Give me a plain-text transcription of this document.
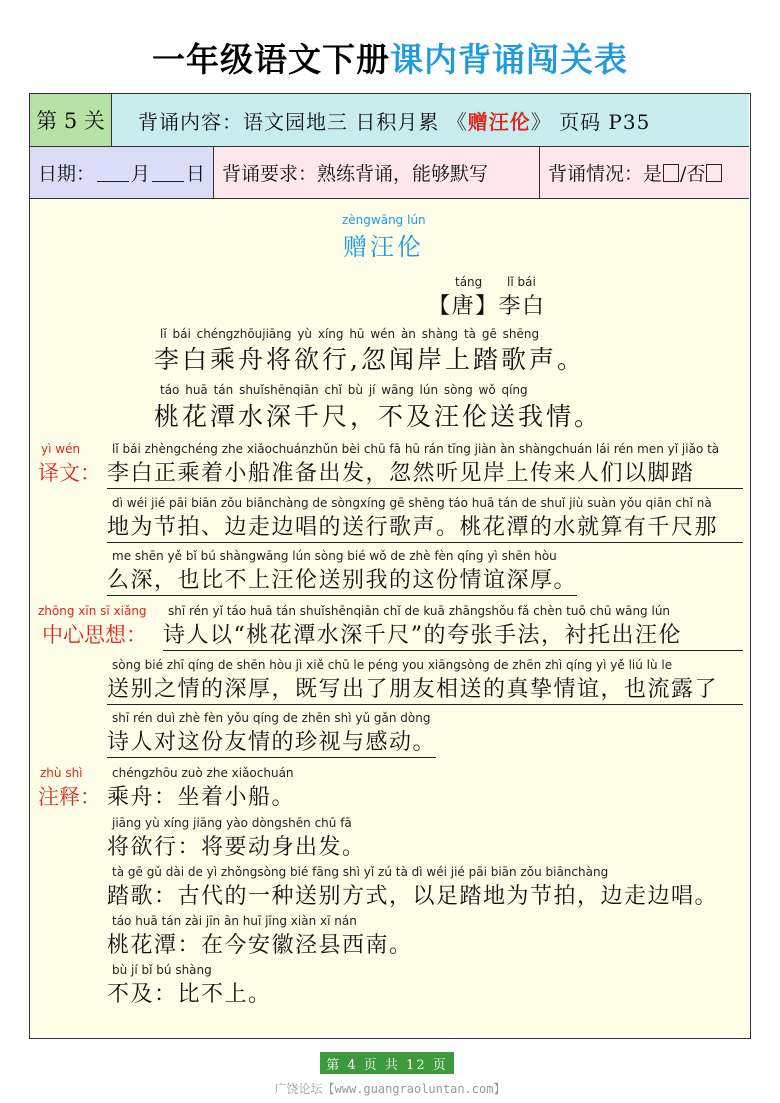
一年级语文下册课内背诵闯关表
第 5 关	背诵内容：语文园地三 日积月累 《 赠汪伦 》 页码 P35
日期： 月 日 背诵要求：熟练背诵，能够默写	背诵情况：是 /否
zèngwāng lún
赠汪伦
táng lǐ bái
【唐】李白
lǐ bái chéngzhōujiāng yù xíng hū wén àn shàng tà gē shēng
李白乘舟将欲行,忽闻岸上踏歌声。
táo huā tán shuǐshēnqiān chǐ bù jí wāng lún sòng wǒ qíng
桃花潭水深千尺，不及汪伦送我情。
yì wén
译文：
lǐ bái zhèngchéng zhe xiǎochuánzhǔn bèi chū fā hū rán tīng jiàn àn shàngchuán lái rén men yǐ jiǎo tà
李白正乘着小船准备出发，忽然听见岸上传来人们以脚踏
dì wéi jié pāi biān zǒu biānchàng de sòngxíng gē shēng táo huā tán de shuǐ jiù suàn yǒu qiān chǐ nà
地为节拍、边走边唱的送行歌声。桃花潭的水就算有千尺那
me shēn yě bǐ bú shàngwāng lún sòng bié wǒ de zhè fèn qíng yì shēn hòu
么深，也比不上汪伦送别我的这份情谊深厚。
zhōng xīn sī xiǎng
中心思想：
shī rén yǐ táo huā tán shuǐshēnqiān chǐ de kuā zhāngshǒu fǎ chèn tuō chū wāng lún
诗人以“桃花潭水深千尺”的夸张手法，衬托出汪伦
sòng bié zhī qíng de shēn hòu jì xiě chū le péng you xiāngsòng de zhēn zhì qíng yì yě liú lù le
送别之情的深厚，既写出了朋友相送的真挚情谊，也流露了
shī rén duì zhè fèn yǒu qíng de zhēn shì yǔ gǎn dòng
诗人对这份友情的珍视与感动。
zhù shì
注释：
chéngzhōu zuò zhe xiǎochuán
乘舟：坐着小船。
jiāng yù xíng jiāng yào dòngshēn chū fā
将欲行：将要动身出发。
tà gē gǔ dài de yì zhǒngsòng bié fāng shì yǐ zú tà dì wéi jié pāi biān zǒu biānchàng
踏歌：古代的一种送别方式，以足踏地为节拍，边走边唱。
táo huā tán zài jīn ān huī jīng xiàn xī nán
桃花潭：在今安徽泾县西南。
bù jí bǐ bú shàng
不及：比不上。
第 4 页 共 12 页
广饶论坛【www.guangraoluntan.com】
